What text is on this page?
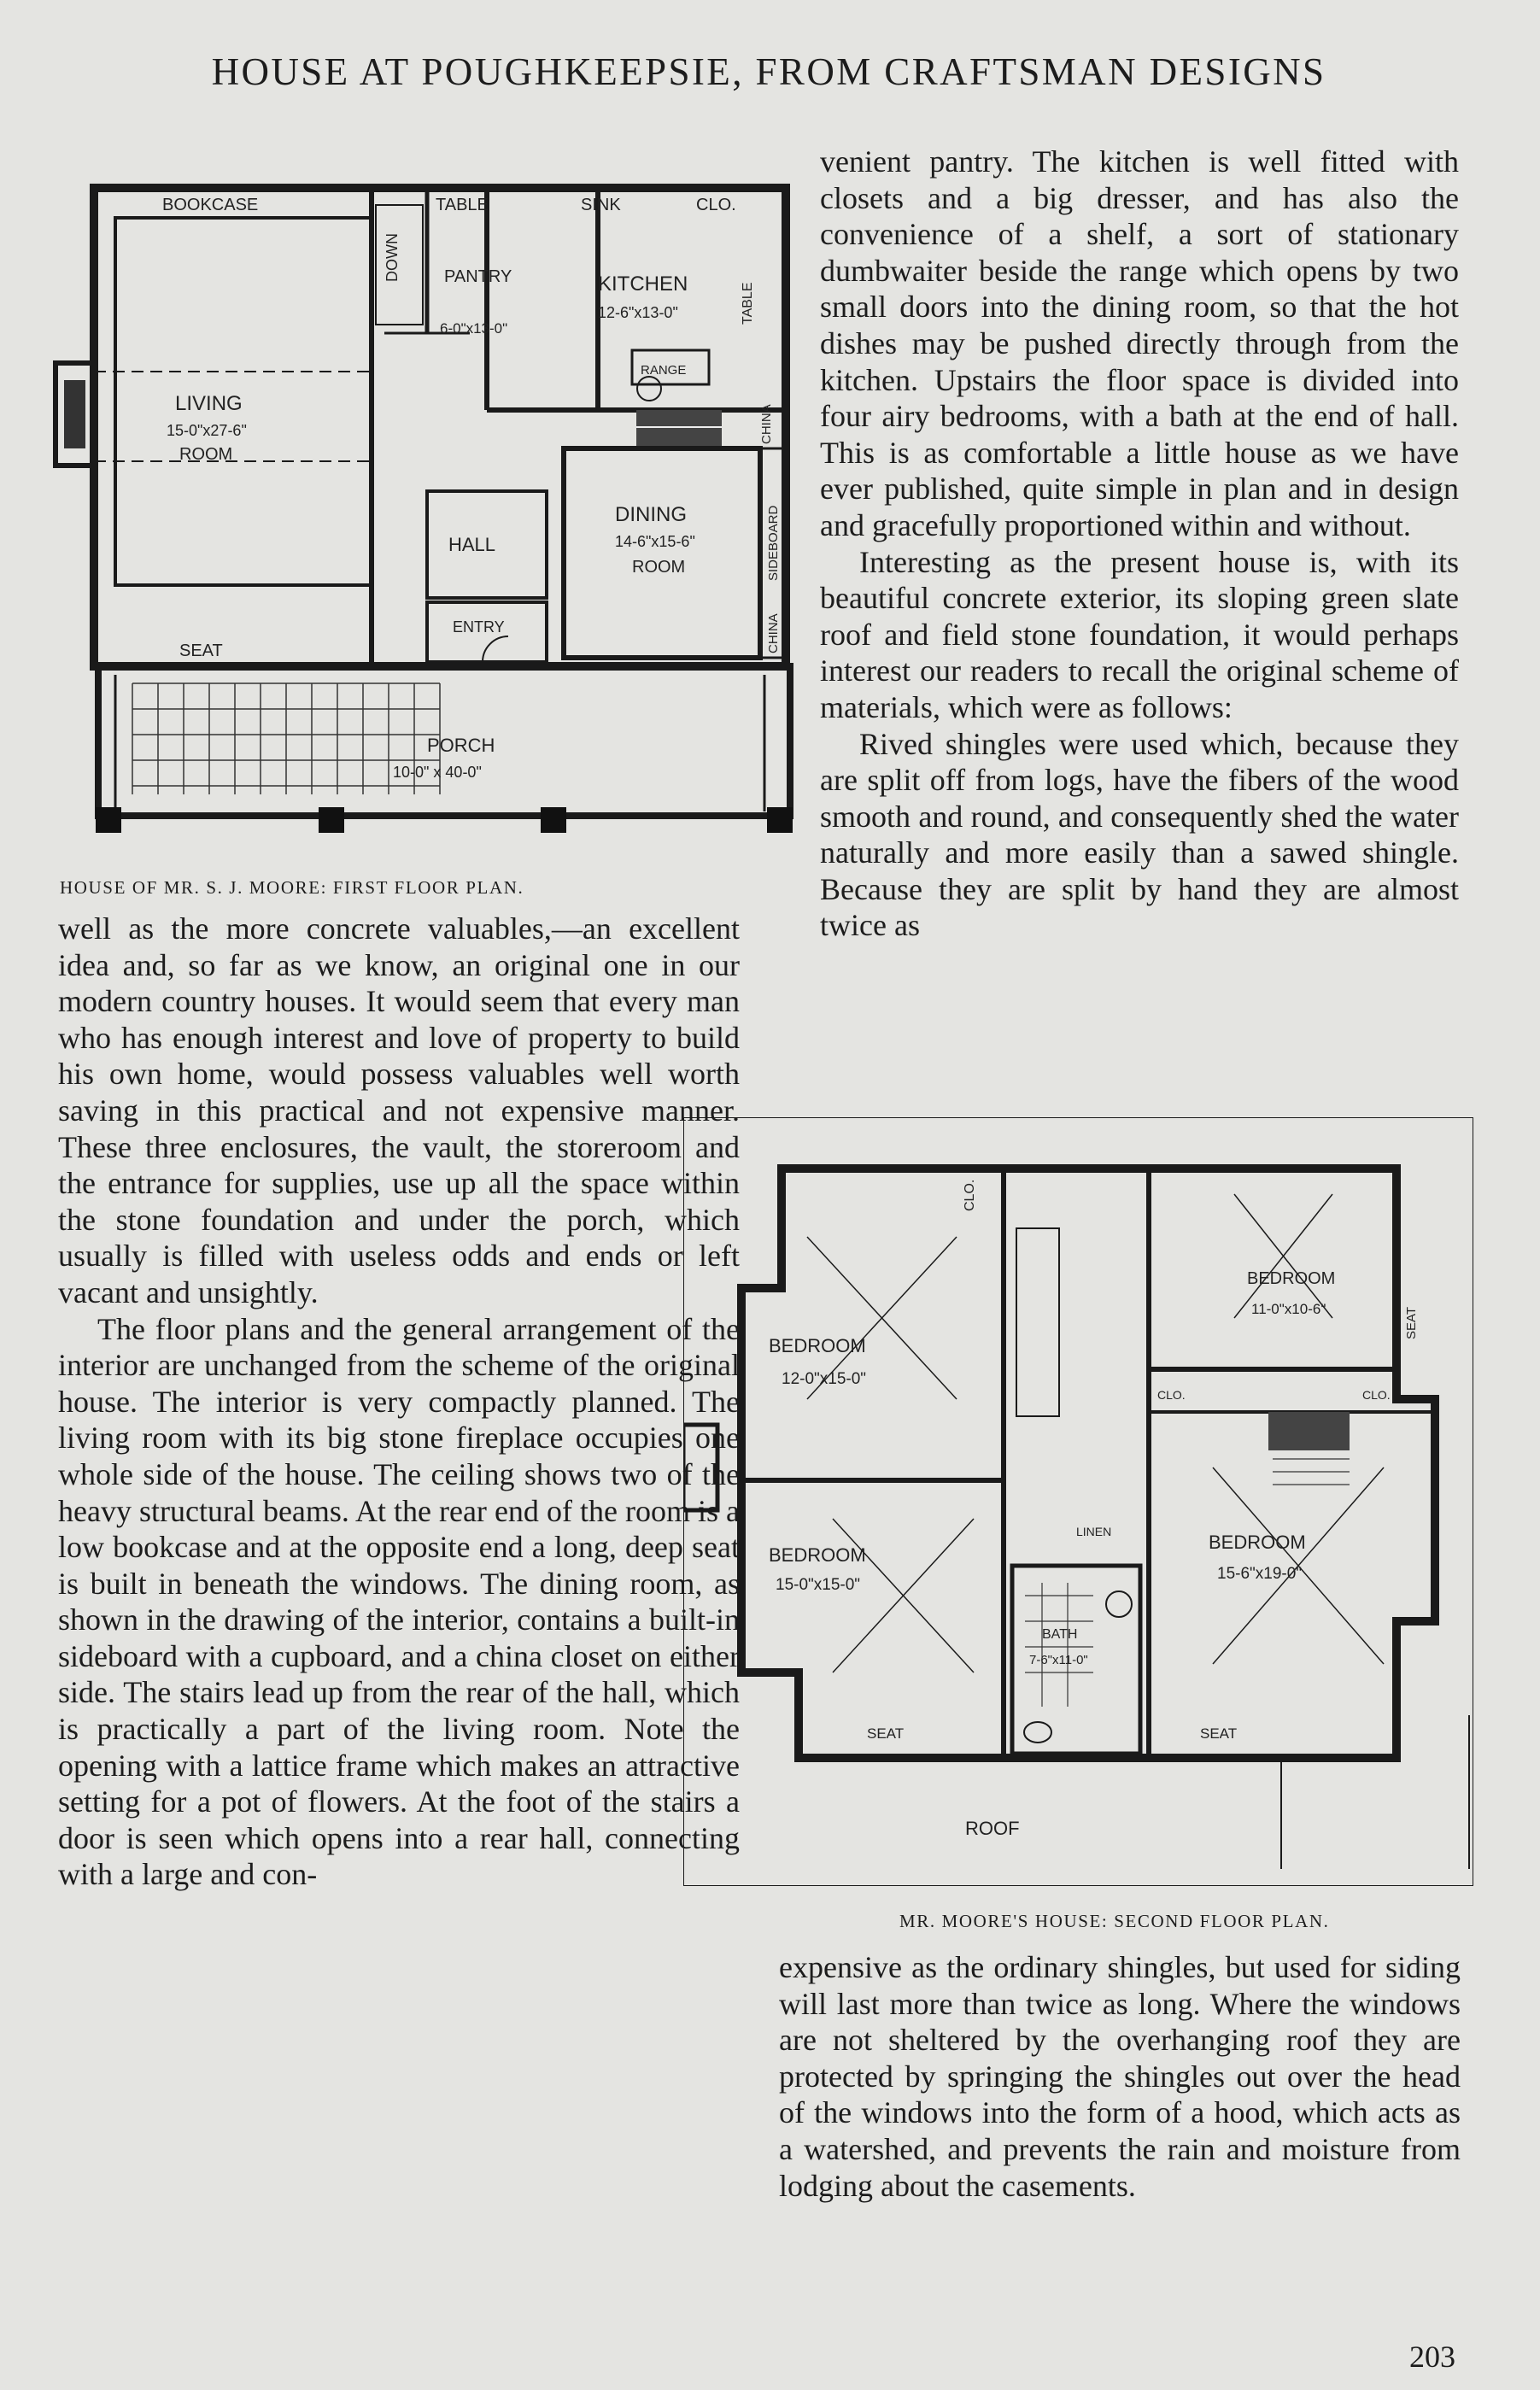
HOUSE AT POUGHKEEPSIE, FROM CRAFTSMAN DESIGNS
BOOKCASE
DOWN
TABLE	SINK	CLO.
PANTRY
6-0"x13-0"
KITCHEN
12-6"x13-0"	TABLE
RANGE
CHINA
SIDEBOARD
CHINA
LIVING
15-0"x27-6"
ROOM
DINING
14-6"x15-6"
ROOM
HALL
ENTRY
SEAT
PORCH
10-0" x 40-0"
HOUSE OF MR. S. J. MOORE: FIRST FLOOR PLAN.

venient pantry. The kitchen is well fitted with closets and a big dresser, and has also the convenience of a shelf, a sort of stationary dumbwaiter beside the range which opens by two small doors into the dining room, so that the hot dishes may be pushed directly through from the kitchen. Upstairs the floor space is divided into four airy bedrooms, with a bath at the end of hall. This is as comfortable a little house as we have ever published, quite simple in plan and in design and gracefully proportioned within and without.

Interesting as the present house is, with its beautiful concrete exterior, its sloping green slate roof and field stone foundation, it would perhaps interest our readers to recall the original scheme of materials, which were as follows:

Rived shingles were used which, because they are split off from logs, have the fibers of the wood smooth and round, and consequently shed the water naturally and more easily than a sawed shingle. Because they are split by hand they are almost twice as

well as the more concrete valuables,—an excellent idea and, so far as we know, an original one in our modern country houses. It would seem that every man who has enough interest and love of property to build his own home, would possess valuables well worth saving in this practical and not expensive manner. These three enclosures, the vault, the storeroom and the entrance for supplies, use up all the space within the stone foundation and under the porch, which usually is filled with useless odds and ends or left vacant and unsightly.

The floor plans and the general arrangement of the interior are unchanged from the scheme of the original house. The interior is very compactly planned. The living room with its big stone fireplace occupies one whole side of the house. The ceiling shows two of the heavy structural beams. At the rear end of the room is a low bookcase and at the opposite end a long, deep seat is built in beneath the windows. The dining room, as shown in the drawing of the interior, contains a built-in sideboard with a cupboard, and a china closet on either side. The stairs lead up from the rear of the hall, which is practically a part of the living room. Note the opening with a lattice frame which makes an attractive setting for a pot of flowers. At the foot of the stairs a door is seen which opens into a rear hall, connecting with a large and con-

CLO.
BEDROOM
11-0"x10-6"	SEAT
BEDROOM
12-0"x15-0"
CLO.	CLO.
LINEN
BEDROOM
15-0"x15-0"
BEDROOM
15-6"x19-0"
BATH
7-6"x11-0"
SEAT	SEAT
ROOF
MR. MOORE'S HOUSE: SECOND FLOOR PLAN.

expensive as the ordinary shingles, but used for siding will last more than twice as long. Where the windows are not sheltered by the overhanging roof they are protected by springing the shingles out over the head of the windows into the form of a hood, which acts as a watershed, and prevents the rain and moisture from lodging about the casements.

203
